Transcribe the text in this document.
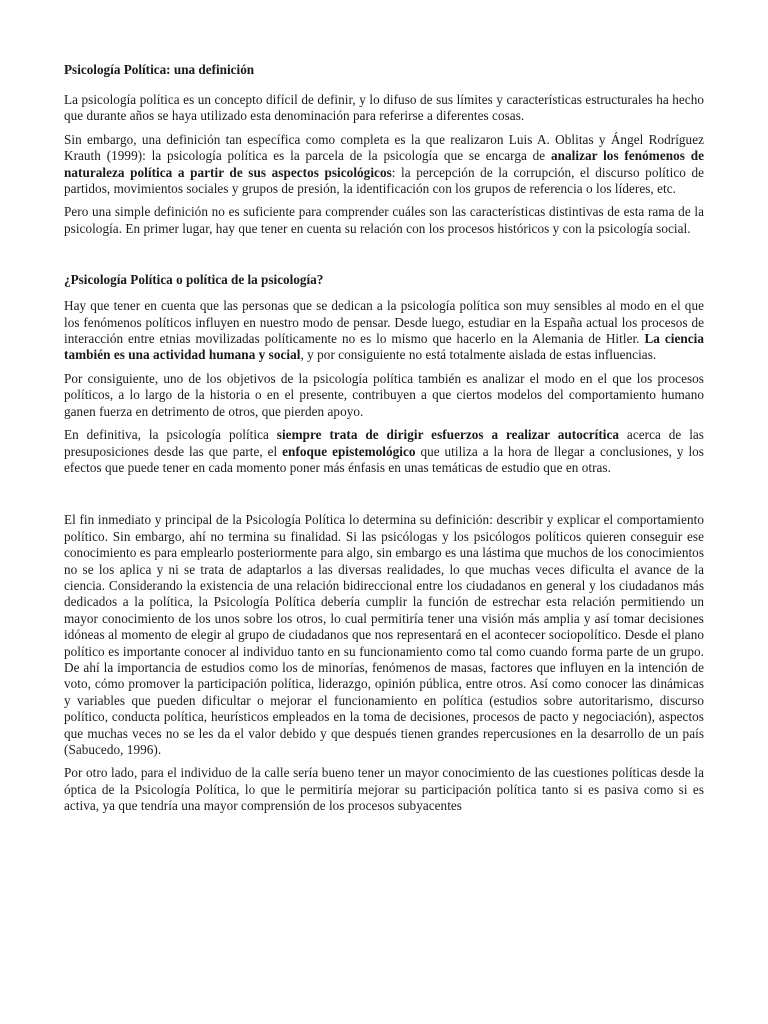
Psicología Política: una definición

La psicología política es un concepto difícil de definir, y lo difuso de sus límites y características estructurales ha hecho que durante años se haya utilizado esta denominación para referirse a diferentes cosas.

Sin embargo, una definición tan específica como completa es la que realizaron Luis A. Oblitas y Ángel Rodríguez Krauth (1999): la psicología política es la parcela de la psicología que se encarga de analizar los fenómenos de naturaleza política a partir de sus aspectos psicológicos: la percepción de la corrupción, el discurso político de partidos, movimientos sociales y grupos de presión, la identificación con los grupos de referencia o los líderes, etc.

Pero una simple definición no es suficiente para comprender cuáles son las características distintivas de esta rama de la psicología. En primer lugar, hay que tener en cuenta su relación con los procesos históricos y con la psicología social.

¿Psicología Política o política de la psicología?

Hay que tener en cuenta que las personas que se dedican a la psicología política son muy sensibles al modo en el que los fenómenos políticos influyen en nuestro modo de pensar. Desde luego, estudiar en la España actual los procesos de interacción entre etnias movilizadas políticamente no es lo mismo que hacerlo en la Alemania de Hitler. La ciencia también es una actividad humana y social, y por consiguiente no está totalmente aislada de estas influencias.

Por consiguiente, uno de los objetivos de la psicología política también es analizar el modo en el que los procesos políticos, a lo largo de la historia o en el presente, contribuyen a que ciertos modelos del comportamiento humano ganen fuerza en detrimento de otros, que pierden apoyo.

En definitiva, la psicología política siempre trata de dirigir esfuerzos a realizar autocrítica acerca de las presuposiciones desde las que parte, el enfoque epistemológico que utiliza a la hora de llegar a conclusiones, y los efectos que puede tener en cada momento poner más énfasis en unas temáticas de estudio que en otras.

El fin inmediato y principal de la Psicología Política lo determina su definición: describir y explicar el comportamiento político. Sin embargo, ahí no termina su finalidad. Si las psicólogas y los psicólogos políticos quieren conseguir ese conocimiento es para emplearlo posteriormente para algo, sin embargo es una lástima que muchos de los conocimientos no se los aplica y ni se trata de adaptarlos a las diversas realidades, lo que muchas veces dificulta el avance de la ciencia. Considerando la existencia de una relación bidireccional entre los ciudadanos en general y los ciudadanos más dedicados a la política, la Psicología Política debería cumplir la función de estrechar esta relación permitiendo un mayor conocimiento de los unos sobre los otros, lo cual permitiría tener una visión más amplia y así tomar decisiones idóneas al momento de elegir al grupo de ciudadanos que nos representará en el acontecer sociopolítico. Desde el plano político es importante conocer al individuo tanto en su funcionamiento como tal como cuando forma parte de un grupo. De ahí la importancia de estudios como los de minorías, fenómenos de masas, factores que influyen en la intención de voto, cómo promover la participación política, liderazgo, opinión pública, entre otros. Así como conocer las dinámicas y variables que pueden dificultar o mejorar el funcionamiento en política (estudios sobre autoritarismo, discurso político, conducta política, heurísticos empleados en la toma de decisiones, procesos de pacto y negociación), aspectos que muchas veces no se les da el valor debido y que después tienen grandes repercusiones en la desarrollo de un país (Sabucedo, 1996).

Por otro lado, para el individuo de la calle sería bueno tener un mayor conocimiento de las cuestiones políticas desde la óptica de la Psicología Política, lo que le permitiría mejorar su participación política tanto si es pasiva como si es activa, ya que tendría una mayor comprensión de los procesos subyacentes
